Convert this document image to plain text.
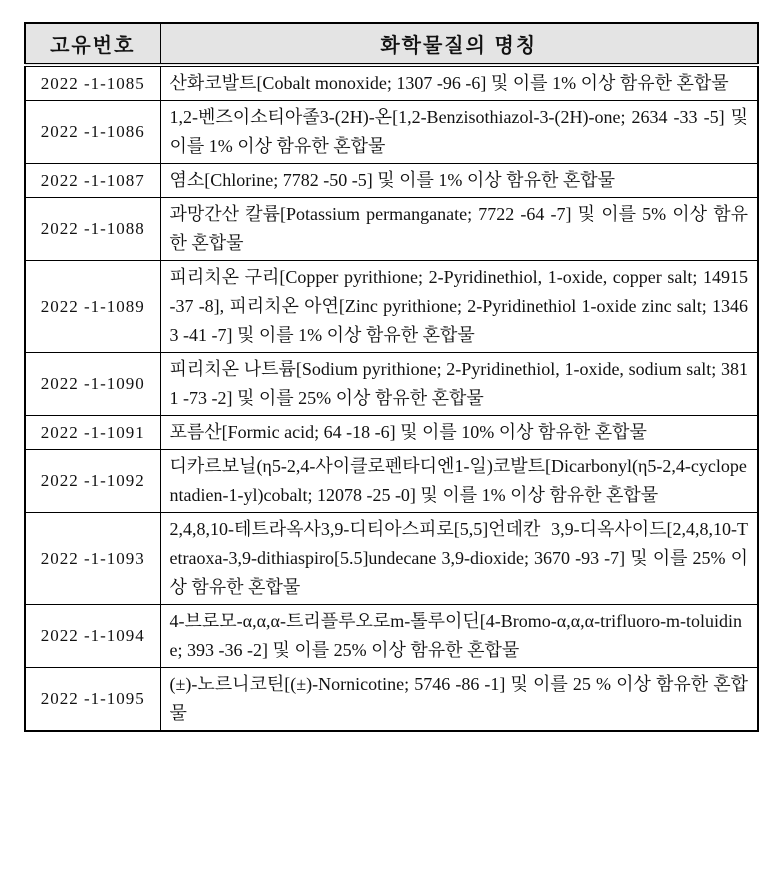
고유번호	화학물질의 명칭
2022 -1-1085	산화코발트[Cobalt monoxide; 1307 -96 -6] 및 이를 1% 이상 함유한 혼합물
2022 -1-1086	1,2-벤즈이소티아졸3-(2H)-온[1,2-Benzisothiazol-3-(2H)-one; 2634 -33 -5] 및 이를 1% 이상 함유한 혼합물
2022 -1-1087	염소[Chlorine; 7782 -50 -5] 및 이를 1% 이상 함유한 혼합물
2022 -1-1088	과망간산 칼륨[Potassium permanganate; 7722 -64 -7] 및 이를 5% 이상 함유한 혼합물
2022 -1-1089	피리치온 구리[Copper pyrithione; 2-Pyridinethiol, 1-oxide, copper salt; 14915 -37 -8], 피리치온 아연[Zinc pyrithione; 2-Pyridinethiol 1-oxide zinc salt; 13463 -41 -7] 및 이를 1% 이상 함유한 혼합물
2022 -1-1090	피리치온 나트륨[Sodium pyrithione; 2-Pyridinethiol, 1-oxide, sodium salt; 3811 -73 -2] 및 이를 25% 이상 함유한 혼합물
2022 -1-1091	포름산[Formic acid; 64 -18 -6] 및 이를 10% 이상 함유한 혼합물
2022 -1-1092	디카르보닐(η5-2,4-사이클로펜타디엔1-일)코발트[Dicarbonyl(η5-2,4-cyclopentadien-1-yl)cobalt; 12078 -25 -0] 및 이를 1% 이상 함유한 혼합물
2022 -1-1093	2,4,8,10-테트라옥사3,9-디티아스피로[5,5]언데칸 3,9-디옥사이드[2,4,8,10-Tetraoxa-3,9-dithiaspiro[5.5]undecane 3,9-dioxide; 3670 -93 -7] 및 이를 25% 이상 함유한 혼합물
2022 -1-1094	4-브로모-α,α,α-트리플루오로m-톨루이딘[4-Bromo-α,α,α-trifluoro-m-toluidine; 393 -36 -2] 및 이를 25% 이상 함유한 혼합물
2022 -1-1095	(±)-노르니코틴[(±)-Nornicotine; 5746 -86 -1] 및 이를 25 % 이상 함유한 혼합물
